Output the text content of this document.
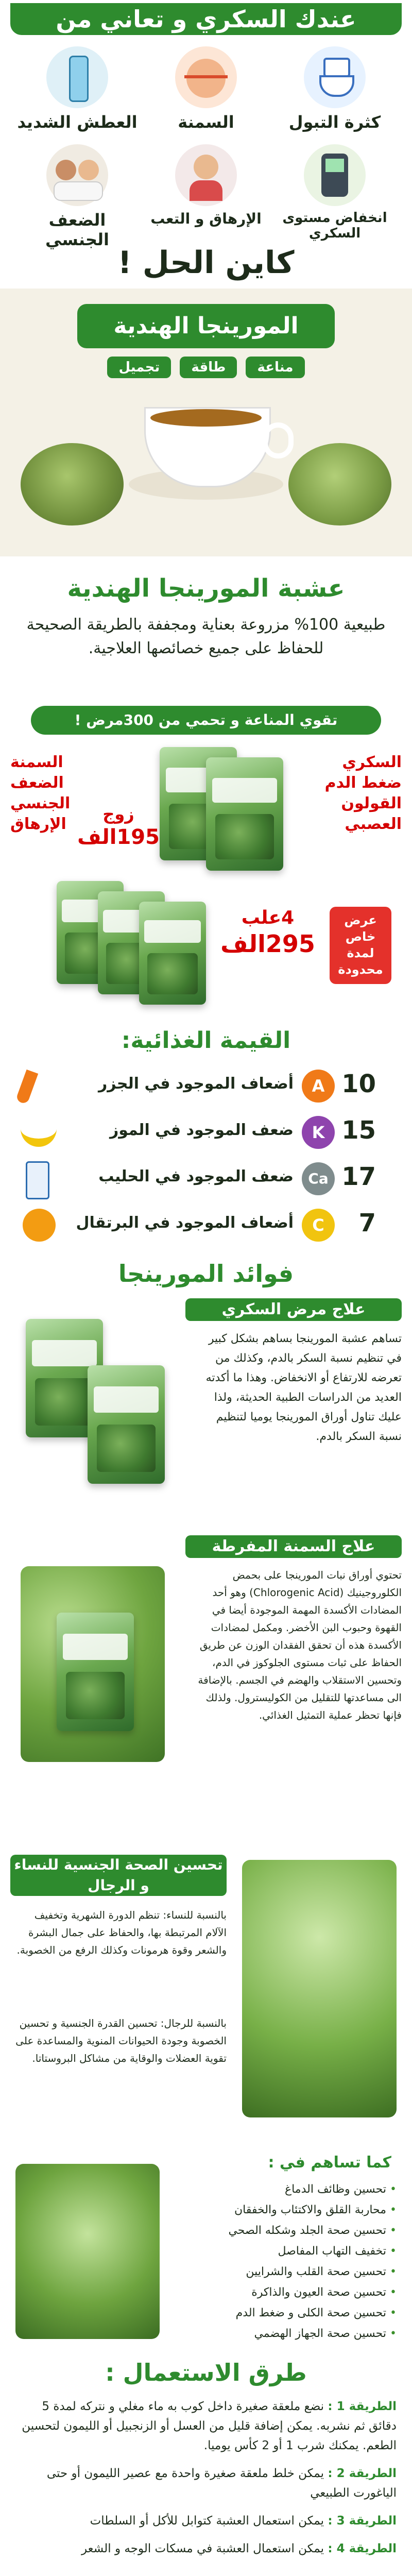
عندك السكري و تعاني من
كثرة التبول
السمنة
العطش الشديد
انخفاض مستوى السكري
الإرهاق و التعب
الضعف الجنسي
كاين الحل !
المورينجا الهندية
مناعة طاقة تجميل
عشبة المورينجا الهندية
طبيعية 100% مزروعة بعناية ومجففة بالطريقة الصحيحة للحفاظ على جميع خصائصها العلاجية.
تقوي المناعة و تحمي من 300مرض !
السكري
ضغط الدم
القولون العصبي
السمنة
الضعف الجنسي
الإرهاق
زوج
195الف
4علب
295الف
عرض خاص لمدة محدودة
القيمة الغذائية:
10
A
أضعاف الموجود في الجزر
15
K
ضعف الموجود في الموز
17
Ca
ضعف الموجود في الحليب
7
C
أضعاف الموجود في البرتقال
فوائد المورينجا
علاج مرض السكري
تساهم عشبة المورينجا بساهم بشكل كبير في تنظيم نسبة السكر بالدم، وكذلك من تعرضه للارتفاع أو الانخفاض. وهذا ما أكدته العديد من الدراسات الطبية الحديثة، ولذا عليك تناول أوراق المورينجا يوميا لتنظيم نسبة السكر بالدم.
علاج السمنة المفرطة
تحتوي أوراق نبات المورينجا على بحمض الكلوروجينيك (Chlorogenic Acid) وهو أحد المضادات الأكسدة المهمة الموجودة أيضا في القهوة وحبوب البن الأخضر. ومكمل لمضادات الأكسدة هذه أن تحقق الفقدان الوزن عن طريق الحفاظ على ثبات مستوى الجلوكوز في الدم، وتحسين الاستقلاب والهضم في الجسم. بالإضافة الى مساعدتها للتقليل من الكوليسترول. ولذلك فإنها تحظر عملية التمثيل الغذائي.
تحسين الصحة الجنسية للنساء و الرجال
بالنسبة للنساء: تنظم الدورة الشهرية وتخفيف الآلام المرتبطة بها، والحفاظ على جمال البشرة والشعر وقوة هرمونات وكذلك الرفع من الخصوبة.
بالنسبة للرجال: تحسين القدرة الجنسية و تحسين الخصوبة وجودة الحيوانات المنوية والمساعدة على تقوية العضلات والوقاية من مشاكل البروستاتا.
كما تساهم في :
• تحسين وظائف الدماغ
• محاربة القلق والاكتئاب والخفقان
• تحسين صحة الجلد وشكله الصحي
• تخفيف التهاب المفاصل
• تحسين صحة القلب والشرايين
• تحسين صحة العيون والذاكرة
• تحسين صحة الكلى و ضغط الدم
• تحسين صحة الجهاز الهضمي
طرق الاستعمال :
الطريقة 1 : نضع ملعقة صغيرة داخل كوب به ماء مغلي و نتركه لمدة 5 دقائق ثم نشربه. يمكن إضافة قليل من العسل أو الزنجبيل أو الليمون لتحسين الطعم. يمكنك شرب 1 أو 2 كأس يوميا.
الطريقة 2 : يمكن خلط ملعقة صغيرة واحدة مع عصير الليمون أو حتى الياغورت الطبيعي
الطريقة 3 : يمكن استعمال العشبة كتوابل للأكل أو السلطات
الطريقة 4 : يمكن استعمال العشبة في مسكات الوجه و الشعر
